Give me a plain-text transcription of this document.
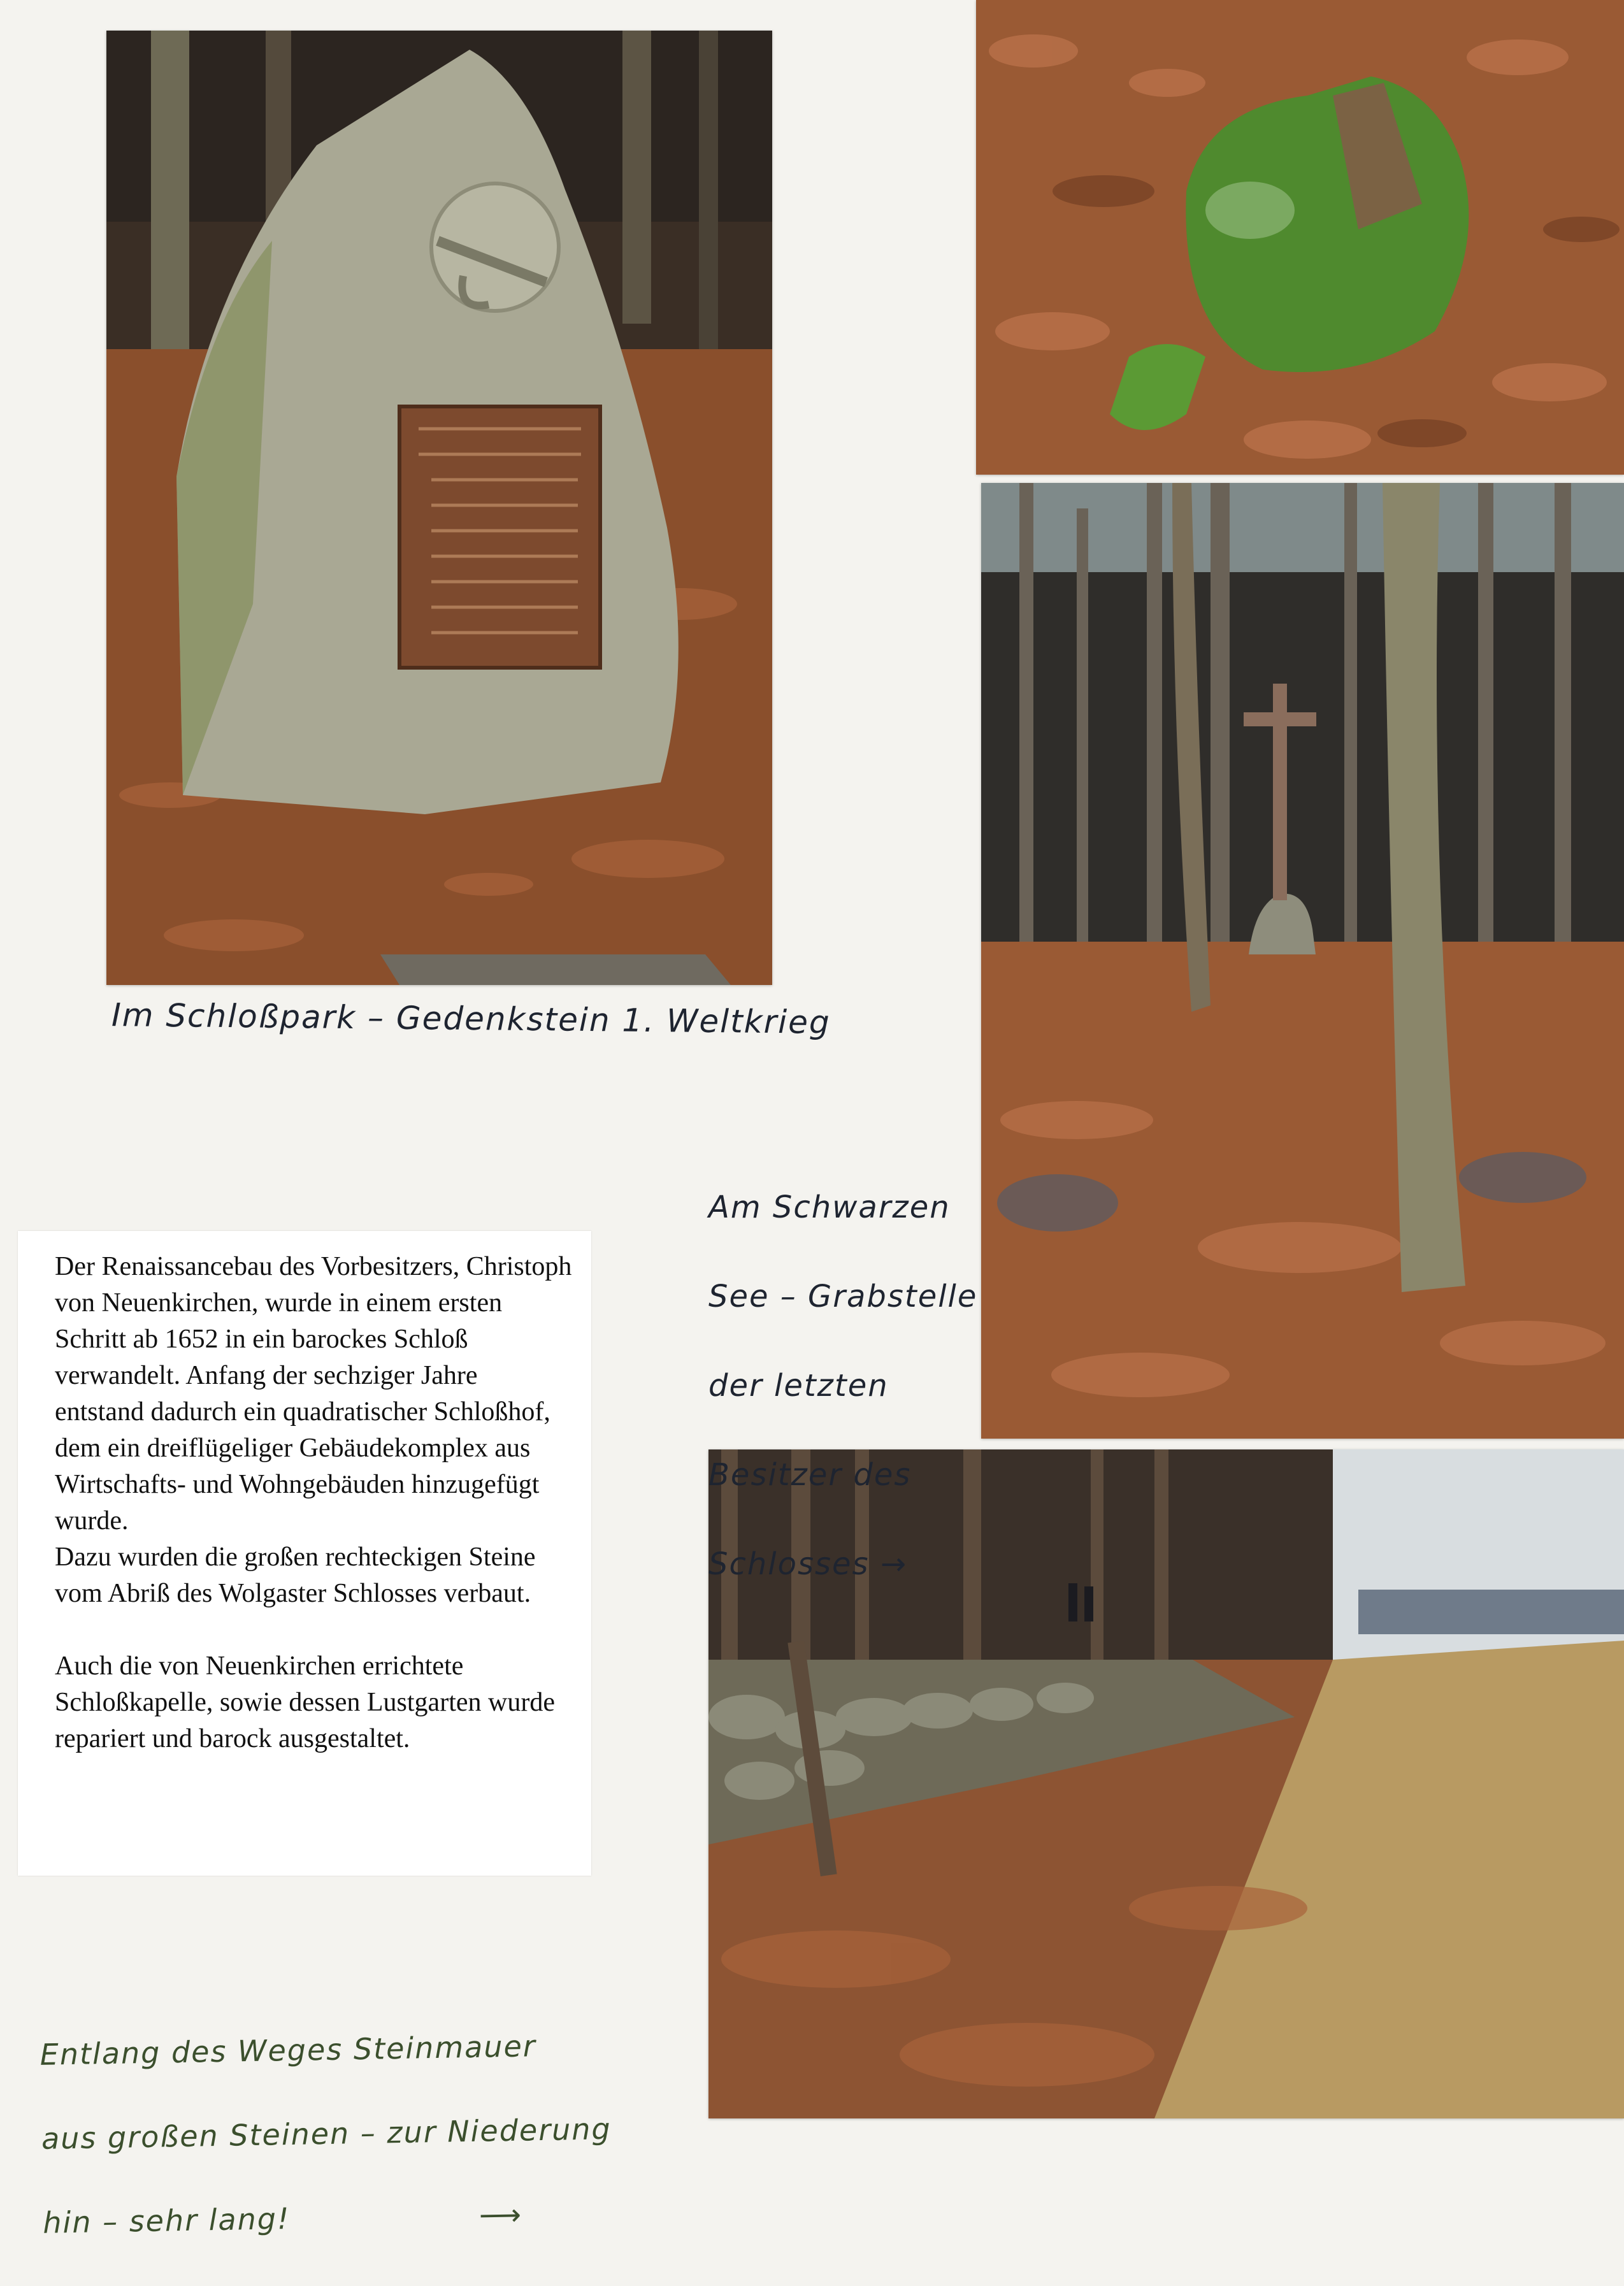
Im Schloßpark – Gedenkstein 1. Weltkrieg

Am Schwarzen

See – Grabstelle

der letzten

Besitzer des

Schlosses →

Entlang des Weges Steinmauer

aus großen Steinen – zur Niederung

hin – sehr lang!	⟶

Der Renaissancebau des Vorbesitzers, Christoph von Neuenkirchen, wurde in einem ersten Schritt ab 1652 in ein barockes Schloß verwandelt. Anfang der sechziger Jahre entstand dadurch ein quadratischer Schloßhof, dem ein dreiflügeliger Gebäudekomplex aus Wirtschafts- und Wohngebäuden hinzugefügt wurde.

Dazu wurden die großen rechteckigen Steine vom Abriß des Wolgaster Schlosses verbaut.

Auch die von Neuenkirchen errichtete Schloßkapelle, sowie dessen Lustgarten wurde repariert und barock ausgestaltet.
